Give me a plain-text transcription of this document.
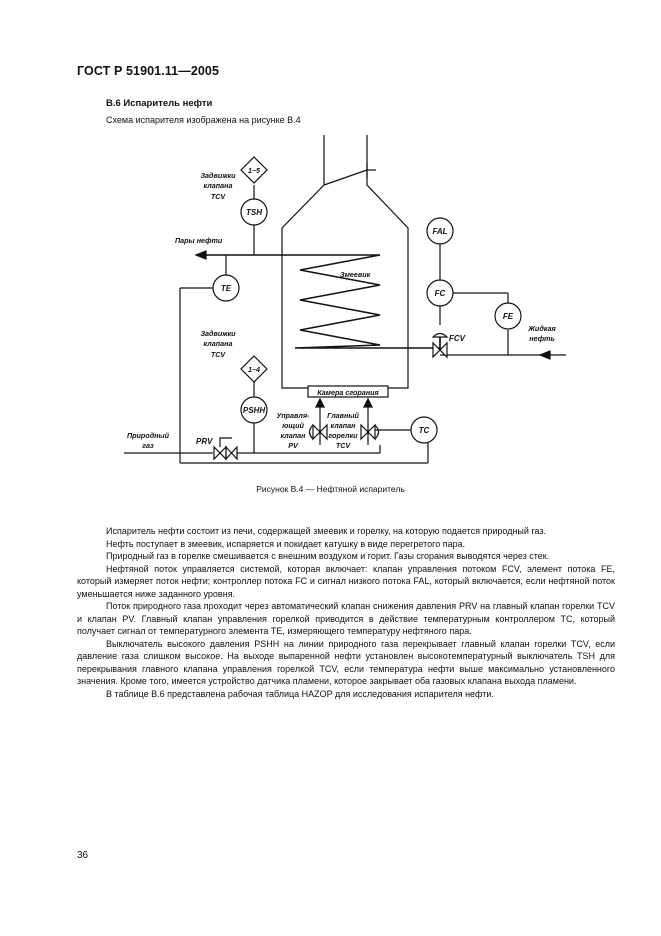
ГОСТ Р 51901.11—2005
В.6 Испаритель нефти
Схема испарителя изображена на рисунке В.4
TSH
TE
PSHH
FAL
FC
FE
TC
1–5
1–4
PRV
FCV
Задвижки
клапана
TCV
Задвижки
клапана
TCV
Природный
газ
Управля-
ющий
клапан
PV
Главный
клапан
горелки
TCV
Жидкая
нефть
Пары нефти
Змеевик
Камера сгорания
Рисунок В.4 — Нефтяной испаритель

Испаритель нефти состоит из печи, содержащей змеевик и горелку, на которую подается природный газ.

Нефть поступает в змеевик, испаряется и покидает катушку в виде перегретого пара.

Природный газ в горелке смешивается с внешним воздухом и горит. Газы сгорания выводятся через стек.

Нефтяной поток управляется системой, которая включает: клапан управления потоком FCV, элемент потока FE, который измеряет поток нефти; контроллер потока FC и сигнал низкого потока FAL, который включается, если нефтяной поток уменьшается ниже заданного уровня.

Поток природного газа проходит через автоматический клапан снижения давления PRV на главный клапан горелки TCV и клапан PV. Главный клапан управления горелкой приводится в действие температурным контроллером TC, который получает сигнал от температурного элемента TE, измеряющего температуру нефтяного пара.

Выключатель высокого давления PSHH на линии природного газа перекрывает главный клапан горелки TCV, если давление газа слишком высокое. На выходе выпаренной нефти установлен высокотемпературный выключатель TSH для перекрывания главного клапана управления горелкой TCV, если температура нефти выше максимально установленного значения. Кроме того, имеется устройство датчика пламени, которое закрывает оба газовых клапана выхода пламени.

В таблице В.6 представлена рабочая таблица HAZOP для исследования испарителя нефти.

36
